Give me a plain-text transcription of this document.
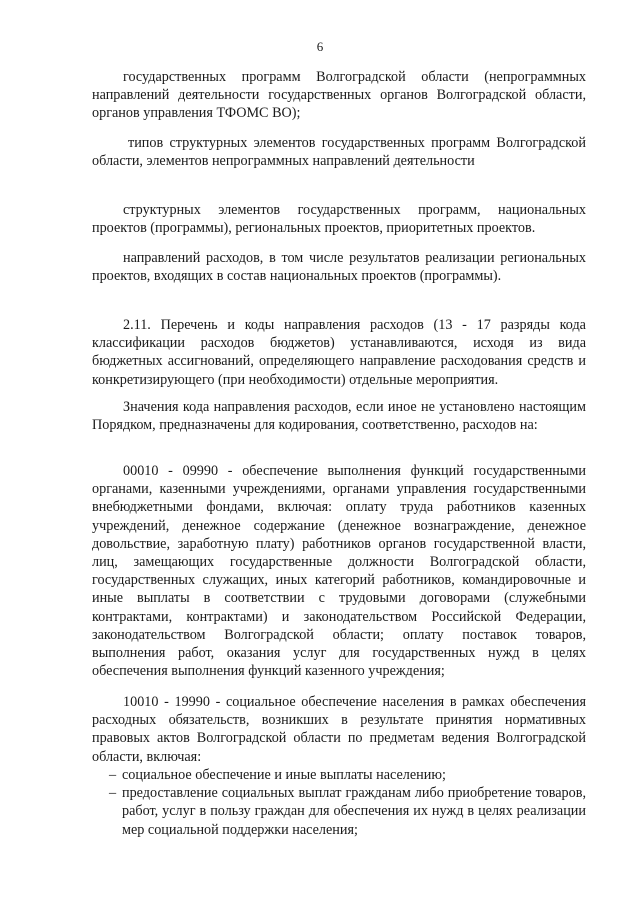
6

государственных программ Волгоградской области (непрограммных направлений деятельности государственных органов Волгоградской области, органов управления ТФОМС ВО);

типов структурных элементов государственных программ Волгоградской области, элементов непрограммных направлений деятельности

структурных элементов государственных программ, национальных проектов (программы), региональных проектов, приоритетных проектов.

направлений расходов, в том числе результатов реализации региональных проектов, входящих в состав национальных проектов (программы).

2.11. Перечень и коды направления расходов (13 - 17 разряды кода классификации расходов бюджетов) устанавливаются, исходя из вида бюджетных ассигнований, определяющего направление расходования средств и конкретизирующего (при необходимости) отдельные мероприятия.

Значения кода направления расходов, если иное не установлено настоящим Порядком, предназначены для кодирования, соответственно, расходов на:

00010 - 09990 - обеспечение выполнения функций государственными органами, казенными учреждениями, органами управления государственными внебюджетными фондами, включая: оплату труда работников казенных учреждений, денежное содержание (денежное вознаграждение, денежное довольствие, заработную плату) работников органов государственной власти, лиц, замещающих государственные должности Волгоградской области, государственных служащих, иных категорий работников, командировочные и иные выплаты в соответствии с трудовыми договорами (служебными контрактами, контрактами) и законодательством Российской Федерации, законодательством Волгоградской области; оплату поставок товаров, выполнения работ, оказания услуг для государственных нужд в целях обеспечения выполнения функций казенного учреждения;

10010 - 19990 - социальное обеспечение населения в рамках обеспечения расходных обязательств, возникших в результате принятия нормативных правовых актов Волгоградской области по предметам ведения Волгоградской области, включая:

– социальное обеспечение и иные выплаты населению;
– предоставление социальных выплат гражданам либо приобретение товаров, работ, услуг в пользу граждан для обеспечения их нужд в целях реализации мер социальной поддержки населения;
